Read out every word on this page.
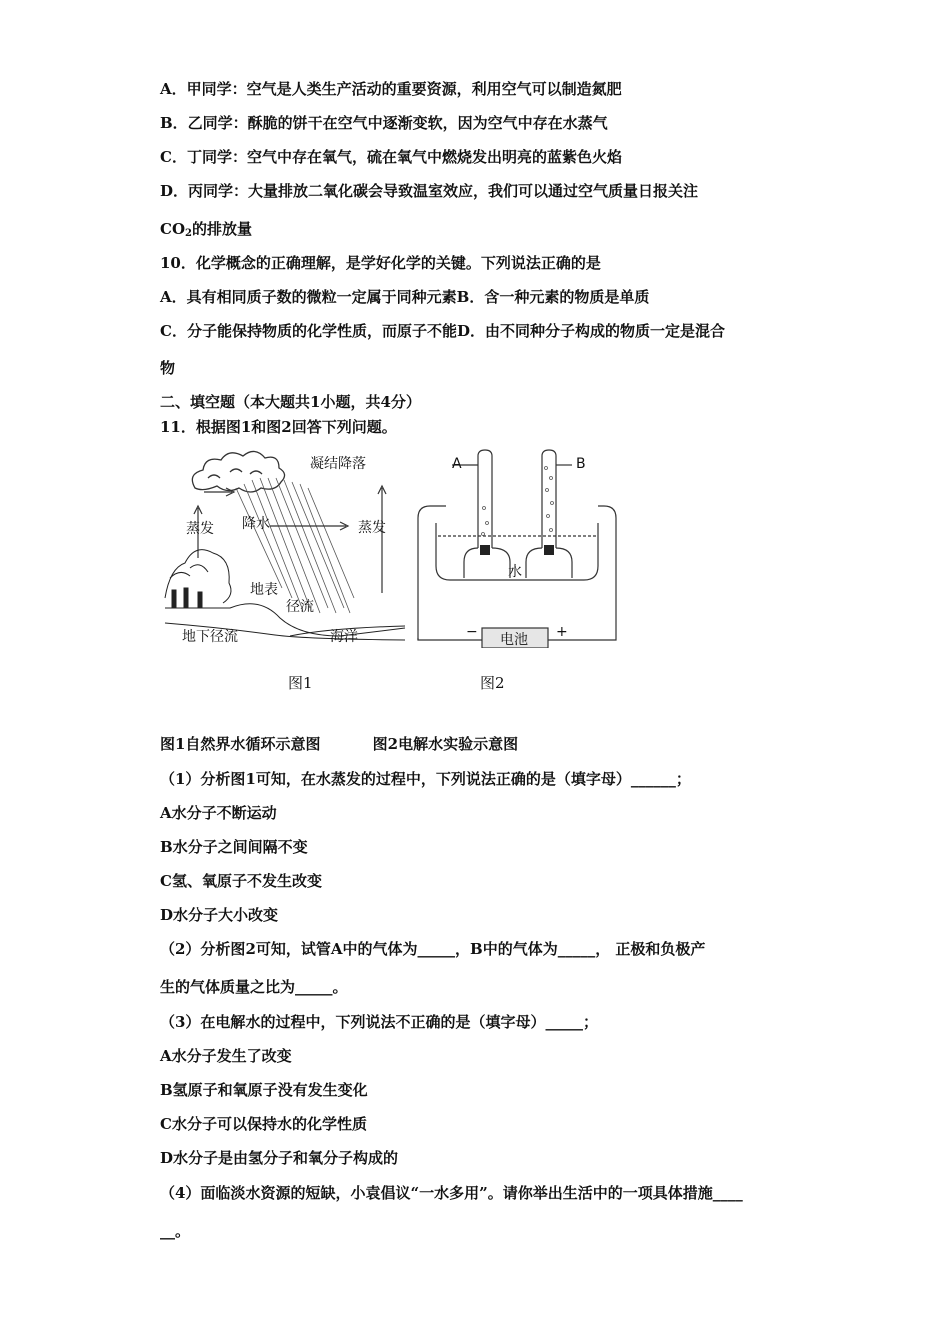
A．甲同学：空气是人类生产活动的重要资源，利用空气可以制造氮肥
B．乙同学：酥脆的饼干在空气中逐渐变软，因为空气中存在水蒸气
C．丁同学：空气中存在氧气，硫在氧气中燃烧发出明亮的蓝紫色火焰
D．丙同学：大量排放二氧化碳会导致温室效应，我们可以通过空气质量日报关注
$CO_2$的排放量
10．化学概念的正确理解，是学好化学的关键。下列说法正确的是
A．具有相同质子数的微粒一定属于同种元素B．含一种元素的物质是单质
C．分子能保持物质的化学性质，而原子不能D．由不同种分子构成的物质一定是混合
物
二、填空题（本大题共1小题，共4分）
11．根据图1和图2回答下列问题。
凝结降落
蒸发 降水	蒸发
地表
径流
地下径流	海洋
图1
A	B
水
电池
−	+
图2
图1自然界水循环示意图          图2电解水实验示意图
（1）分析图1可知，在水蒸发的过程中，下列说法正确的是（填字母）______；
A水分子不断运动
B水分子之间间隔不变
C氢、氧原子不发生改变
D水分子大小改变
（2）分析图2可知，试管A中的气体为_____，B中的气体为_____， 正极和负极产
生的气体质量之比为_____。
（3）在电解水的过程中，下列说法不正确的是（填字母）_____；
A水分子发生了改变
B氢原子和氧原子没有发生变化
C水分子可以保持水的化学性质
D水分子是由氢分子和氧分子构成的
（4）面临淡水资源的短缺，小袁倡议“一水多用”。请你举出生活中的一项具体措施____
__。
